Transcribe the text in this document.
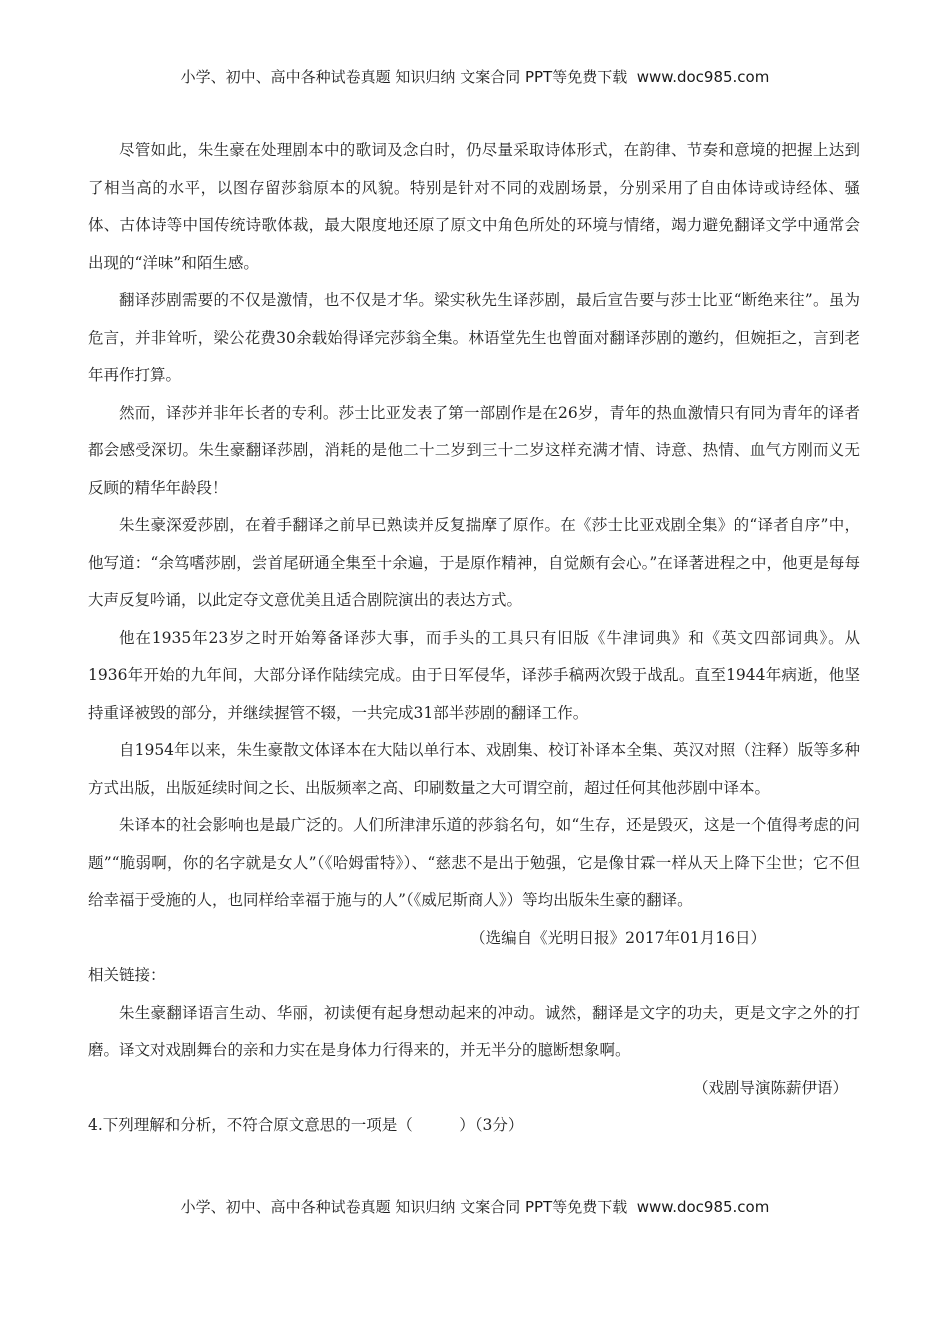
小学、初中、高中各种试卷真题 知识归纳 文案合同 PPT等免费下载 www.doc985.com

尽管如此，朱生豪在处理剧本中的歌词及念白时，仍尽量采取诗体形式，在韵律、节奏和意境的把握上达到了相当高的水平，以图存留莎翁原本的风貌。特别是针对不同的戏剧场景，分别采用了自由体诗或诗经体、骚体、古体诗等中国传统诗歌体裁，最大限度地还原了原文中角色所处的环境与情绪，竭力避免翻译文学中通常会出现的“洋味”和陌生感。

翻译莎剧需要的不仅是激情，也不仅是才华。梁实秋先生译莎剧，最后宣告要与莎士比亚“断绝来往”。虽为危言，并非耸听，梁公花费30余载始得译完莎翁全集。林语堂先生也曾面对翻译莎剧的邀约，但婉拒之，言到老年再作打算。

然而，译莎并非年长者的专利。莎士比亚发表了第一部剧作是在26岁，青年的热血激情只有同为青年的译者都会感受深切。朱生豪翻译莎剧，消耗的是他二十二岁到三十二岁这样充满才情、诗意、热情、血气方刚而义无反顾的精华年龄段！

朱生豪深爱莎剧，在着手翻译之前早已熟读并反复揣摩了原作。在《莎士比亚戏剧全集》的“译者自序”中，他写道：“余笃嗜莎剧，尝首尾研通全集至十余遍，于是原作精神，自觉颇有会心。”在译著进程之中，他更是每每大声反复吟诵，以此定夺文意优美且适合剧院演出的表达方式。

他在1935年23岁之时开始筹备译莎大事，而手头的工具只有旧版《牛津词典》和《英文四部词典》。从1936年开始的九年间，大部分译作陆续完成。由于日军侵华，译莎手稿两次毁于战乱。直至1944年病逝，他坚持重译被毁的部分，并继续握管不辍，一共完成31部半莎剧的翻译工作。

自1954年以来，朱生豪散文体译本在大陆以单行本、戏剧集、校订补译本全集、英汉对照（注释）版等多种方式出版，出版延续时间之长、出版频率之高、印刷数量之大可谓空前，超过任何其他莎剧中译本。

朱译本的社会影响也是最广泛的。人们所津津乐道的莎翁名句，如“生存，还是毁灭，这是一个值得考虑的问题”“脆弱啊，你的名字就是女人”（《哈姆雷特》）、“慈悲不是出于勉强，它是像甘霖一样从天上降下尘世；它不但给幸福于受施的人，也同样给幸福于施与的人”（《威尼斯商人》）等均出版朱生豪的翻译。

（选编自《光明日报》2017年01月16日）

相关链接：

朱生豪翻译语言生动、华丽，初读便有起身想动起来的冲动。诚然，翻译是文字的功夫，更是文字之外的打磨。译文对戏剧舞台的亲和力实在是身体力行得来的，并无半分的臆断想象啊。

（戏剧导演陈薪伊语）

4.下列理解和分析，不符合原文意思的一项是（　　　）（3分）

小学、初中、高中各种试卷真题 知识归纳 文案合同 PPT等免费下载 www.doc985.com
